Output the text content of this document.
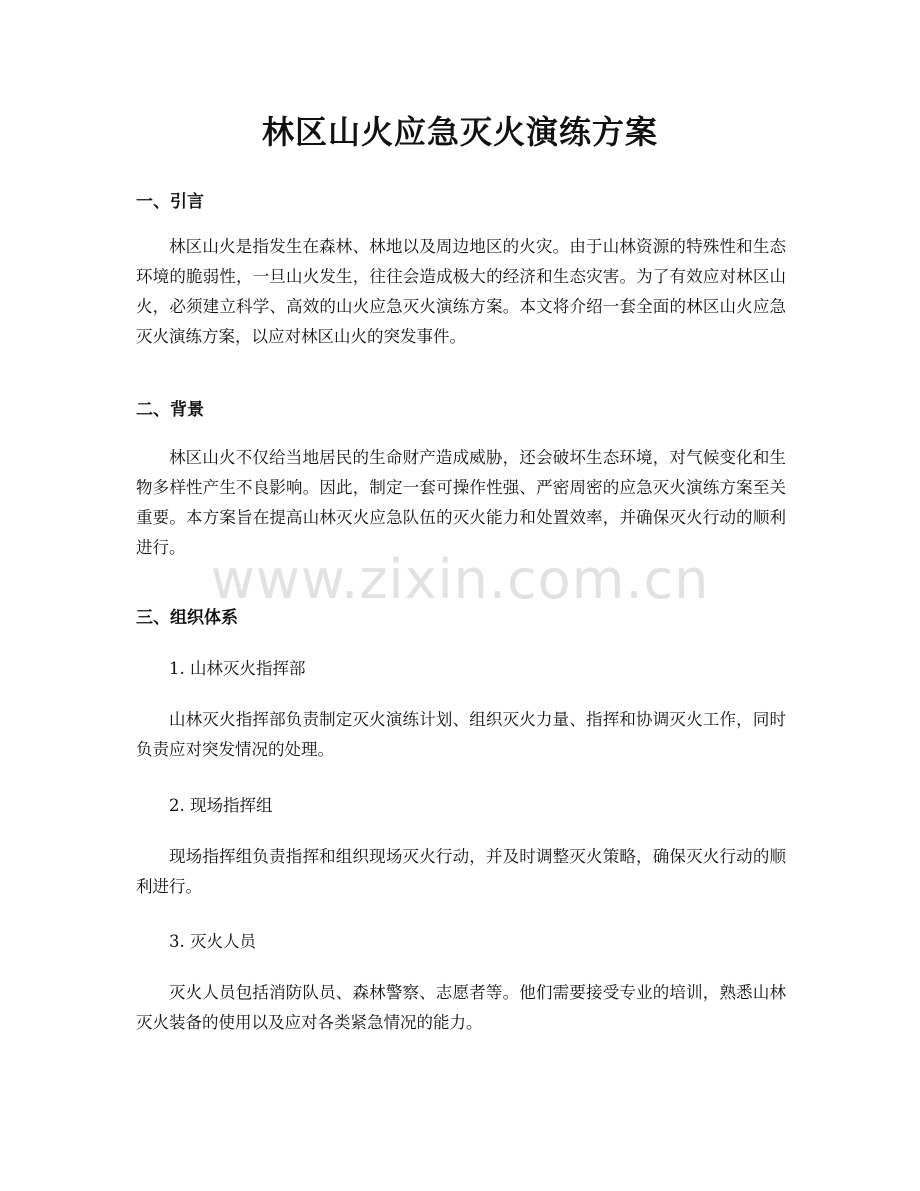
林区山火应急灭火演练方案
一、引言
林区山火是指发生在森林、林地以及周边地区的火灾。由于山林资源的特殊性和生态环境的脆弱性，一旦山火发生，往往会造成极大的经济和生态灾害。为了有效应对林区山火，必须建立科学、高效的山火应急灭火演练方案。本文将介绍一套全面的林区山火应急灭火演练方案，以应对林区山火的突发事件。
二、背景
林区山火不仅给当地居民的生命财产造成威胁，还会破坏生态环境，对气候变化和生物多样性产生不良影响。因此，制定一套可操作性强、严密周密的应急灭火演练方案至关重要。本方案旨在提高山林灭火应急队伍的灭火能力和处置效率，并确保灭火行动的顺利进行。
三、组织体系
1. 山林灭火指挥部
山林灭火指挥部负责制定灭火演练计划、组织灭火力量、指挥和协调灭火工作，同时负责应对突发情况的处理。
2. 现场指挥组
现场指挥组负责指挥和组织现场灭火行动，并及时调整灭火策略，确保灭火行动的顺利进行。
3. 灭火人员
灭火人员包括消防队员、森林警察、志愿者等。他们需要接受专业的培训，熟悉山林灭火装备的使用以及应对各类紧急情况的能力。
www.zixin.com.cn
